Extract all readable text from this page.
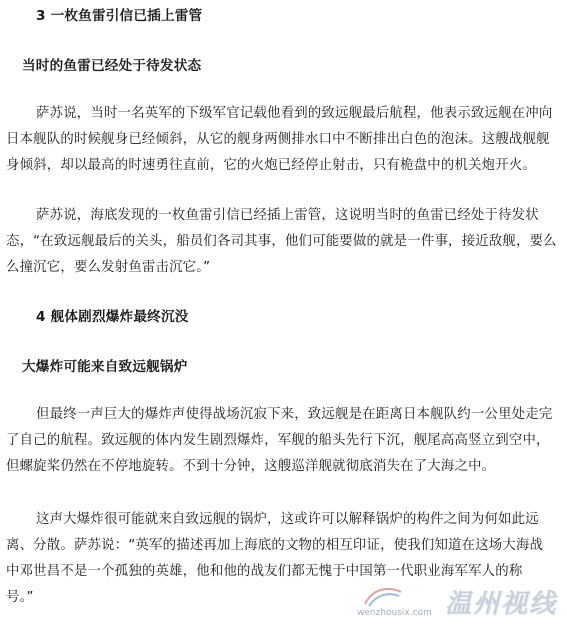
3 一枚鱼雷引信已插上雷管
当时的鱼雷已经处于待发状态
萨苏说，当时一名英军的下级军官记载他看到的致远舰最后航程，他表示致远舰在冲向
日本舰队的时候舰身已经倾斜，从它的舰身两侧排水口中不断排出白色的泡沫。这艘战舰舰
身倾斜，却以最高的时速勇往直前，它的火炮已经停止射击，只有桅盘中的机关炮开火。
萨苏说，海底发现的一枚鱼雷引信已经插上雷管，这说明当时的鱼雷已经处于待发状
态，“在致远舰最后的关头，船员们各司其事，他们可能要做的就是一件事，接近敌舰，要么
么撞沉它，要么发射鱼雷击沉它。”
4 舰体剧烈爆炸最终沉没
大爆炸可能来自致远舰锅炉
但最终一声巨大的爆炸声使得战场沉寂下来，致远舰是在距离日本舰队约一公里处走完
了自己的航程。致远舰的体内发生剧烈爆炸，军舰的船头先行下沉，舰尾高高竖立到空中，
但螺旋桨仍然在不停地旋转。不到十分钟，这艘巡洋舰就彻底消失在了大海之中。
这声大爆炸很可能就来自致远舰的锅炉，这或许可以解释锅炉的构件之间为何如此远
离、分散。萨苏说：“英军的描述再加上海底的文物的相互印证，使我们知道在这场大海战
中邓世昌不是一个孤独的英雄，他和他的战友们都无愧于中国第一代职业海军军人的称
号。”
wenzhousix.com 温州视线
